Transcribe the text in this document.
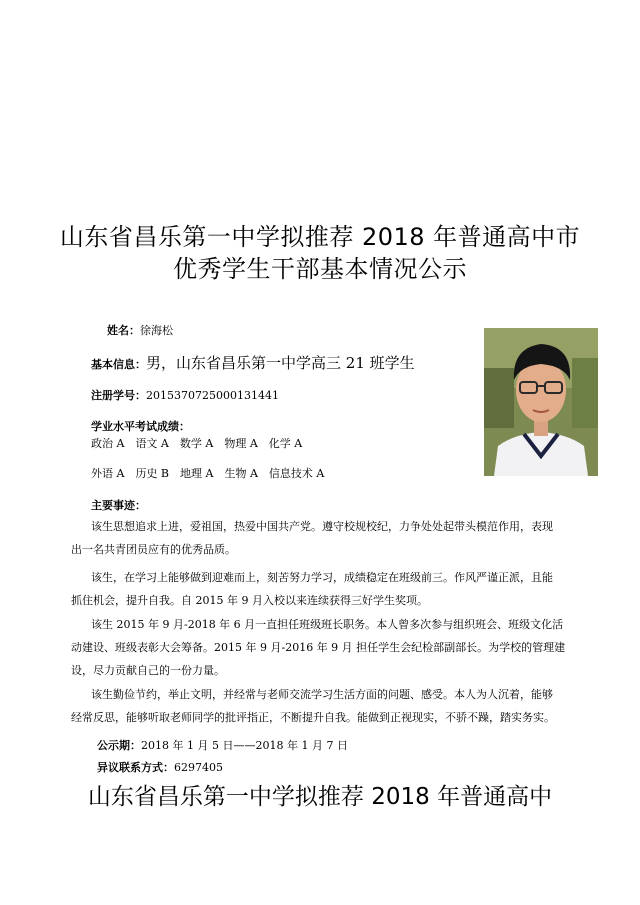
山东省昌乐第一中学拟推荐 2018 年普通高中市
优秀学生干部基本情况公示
姓名：徐海松
基本信息：男，山东省昌乐第一中学高三 21 班学生
注册学号：2015370725000131441
学业水平考试成绩：
政治 A　语文 A　数学 A　物理 A　化学 A
外语 A　历史 B　地理 A　生物 A　信息技术 A
主要事迹：
该生思想追求上进，爱祖国，热爱中国共产党。遵守校规校纪，力争处处起带头模范作用，表现
出一名共青团员应有的优秀品质。
该生，在学习上能够做到迎难而上，刻苦努力学习，成绩稳定在班级前三。作风严谨正派，且能
抓住机会，提升自我。自 2015 年 9 月入校以来连续获得三好学生奖项。
该生 2015 年 9 月-2018 年 6 月一直担任班级班长职务。本人曾多次参与组织班会、班级文化活
动建设、班级表彰大会筹备。2015 年 9 月-2016 年 9 月 担任学生会纪检部副部长。为学校的管理建
设，尽力贡献自己的一份力量。
该生勤俭节约，举止文明，并经常与老师交流学习生活方面的问题、感受。本人为人沉着，能够
经常反思，能够听取老师同学的批评指正，不断提升自我。能做到正视现实，不骄不躁，踏实务实。
公示期：2018 年 1 月 5 日——2018 年 1 月 7 日
异议联系方式：6297405
山东省昌乐第一中学拟推荐 2018 年普通高中
